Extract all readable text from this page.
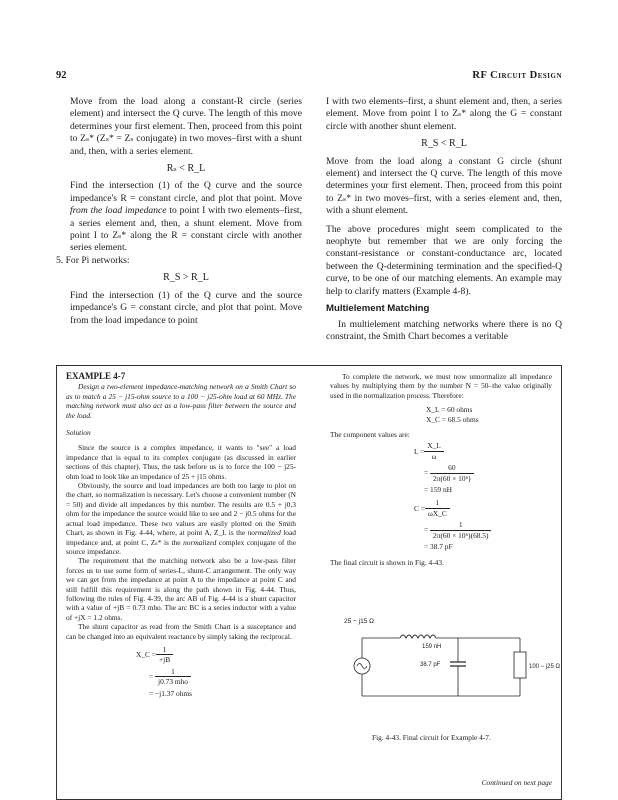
92	RF Circuit Design

Move from the load along a constant-R circle (series element) and intersect the Q curve. The length of this move determines your first element. Then, proceed from this point to Zₛ* (Zₛ* = Zₛ conjugate) in two moves–first with a shunt and, then, with a series element.

Rₛ < R_L

Find the intersection (1) of the Q curve and the source impedance's R = constant circle, and plot that point. Move from the load impedance to point I with two elements–first, a series element and, then, a shunt element. Move from point I to Zₛ* along the R = constant circle with another series element.

5. For Pi networks:

R_S > R_L

Find the intersection (1) of the Q curve and the source impedance's G = constant circle, and plot that point. Move from the load impedance to point

I with two elements–first, a shunt element and, then, a series element. Move from point I to Zₛ* along the G = constant circle with another shunt element.

R_S < R_L

Move from the load along a constant G circle (shunt element) and intersect the Q curve. The length of this move determines your first element. Then, proceed from this point to Zₛ* in two moves–first, with a series element and, then, with a shunt element.

The above procedures might seem complicated to the neophyte but remember that we are only forcing the constant-resistance or constant-conductance arc, located between the Q-determining termination and the specified-Q curve, to be one of our matching elements. An example may help to clarify matters (Example 4-8).

Multielement Matching

In multielement matching networks where there is no Q constraint, the Smith Chart becomes a veritable

EXAMPLE 4-7

Design a two-element impedance-matching network on a Smith Chart so as to match a 25 − j15-ohm source to a 100 − j25-ohm load at 60 MHz. The matching network must also act as a low-pass filter between the source and the load.

Solution

Since the source is a complex impedance, it wants to "see" a load impedance that is equal to its complex conjugate (as discussed in earlier sections of this chapter). Thus, the task before us is to force the 100 − j25-ohm load to look like an impedance of 25 + j15 ohms.

Obviously, the source and load impedances are both too large to plot on the chart, so normalization is necessary. Let's choose a convenient number (N = 50) and divide all impedances by this number. The results are 0.5 + j0.3 ohm for the impedance the source would like to see and 2 − j0.5 ohms for the actual load impedance. These two values are easily plotted on the Smith Chart, as shown in Fig. 4-44, where, at point A, Z_L is the normalized load impedance and, at point C, Zₛ* is the normalized complex conjugate of the source impedance.

The requirement that the matching network also be a low-pass filter forces us to use some form of series-L, shunt-C arrangement. The only way we can get from the impedance at point A to the impedance at point C and still fulfill this requirement is along the path shown in Fig. 4-44. Thus, following the rules of Fig. 4-39, the arc AB of Fig. 4-44 is a shunt capacitor with a value of +jB = 0.73 mho. The arc BC is a series inductor with a value of +jX = 1.2 ohms.

The shunt capacitor as read from the Smith Chart is a susceptance and can be changed into an equivalent reactance by simply taking the reciprocal.

X_C = $\frac{1}{+jB}$
= $\frac{1}{\text{j0.73 mho}}$
= −j1.37 ohms

To complete the network, we must now unnormalize all impedance values by multiplying them by the number N = 50–the value originally used in the normalization process. Therefore:

X_L = 60 ohms
X_C = 68.5 ohms

The component values are:

$L = \frac{X\_L}{\omega}$
= $\frac{60}{\text{2π(60 × 10⁶)}}$
= 159 nH
$C = \frac{1}{\omega X\_C}$
= $\frac{1}{\text{2π(60 × 10⁶)(68.5)}}$
= 38.7 pF

The final circuit is shown in Fig. 4-43.

25 − j15 Ω
159 nH
38.7 pF	100 − j25 Ω
Fig. 4-43. Final circuit for Example 4-7.
Continued on next page
